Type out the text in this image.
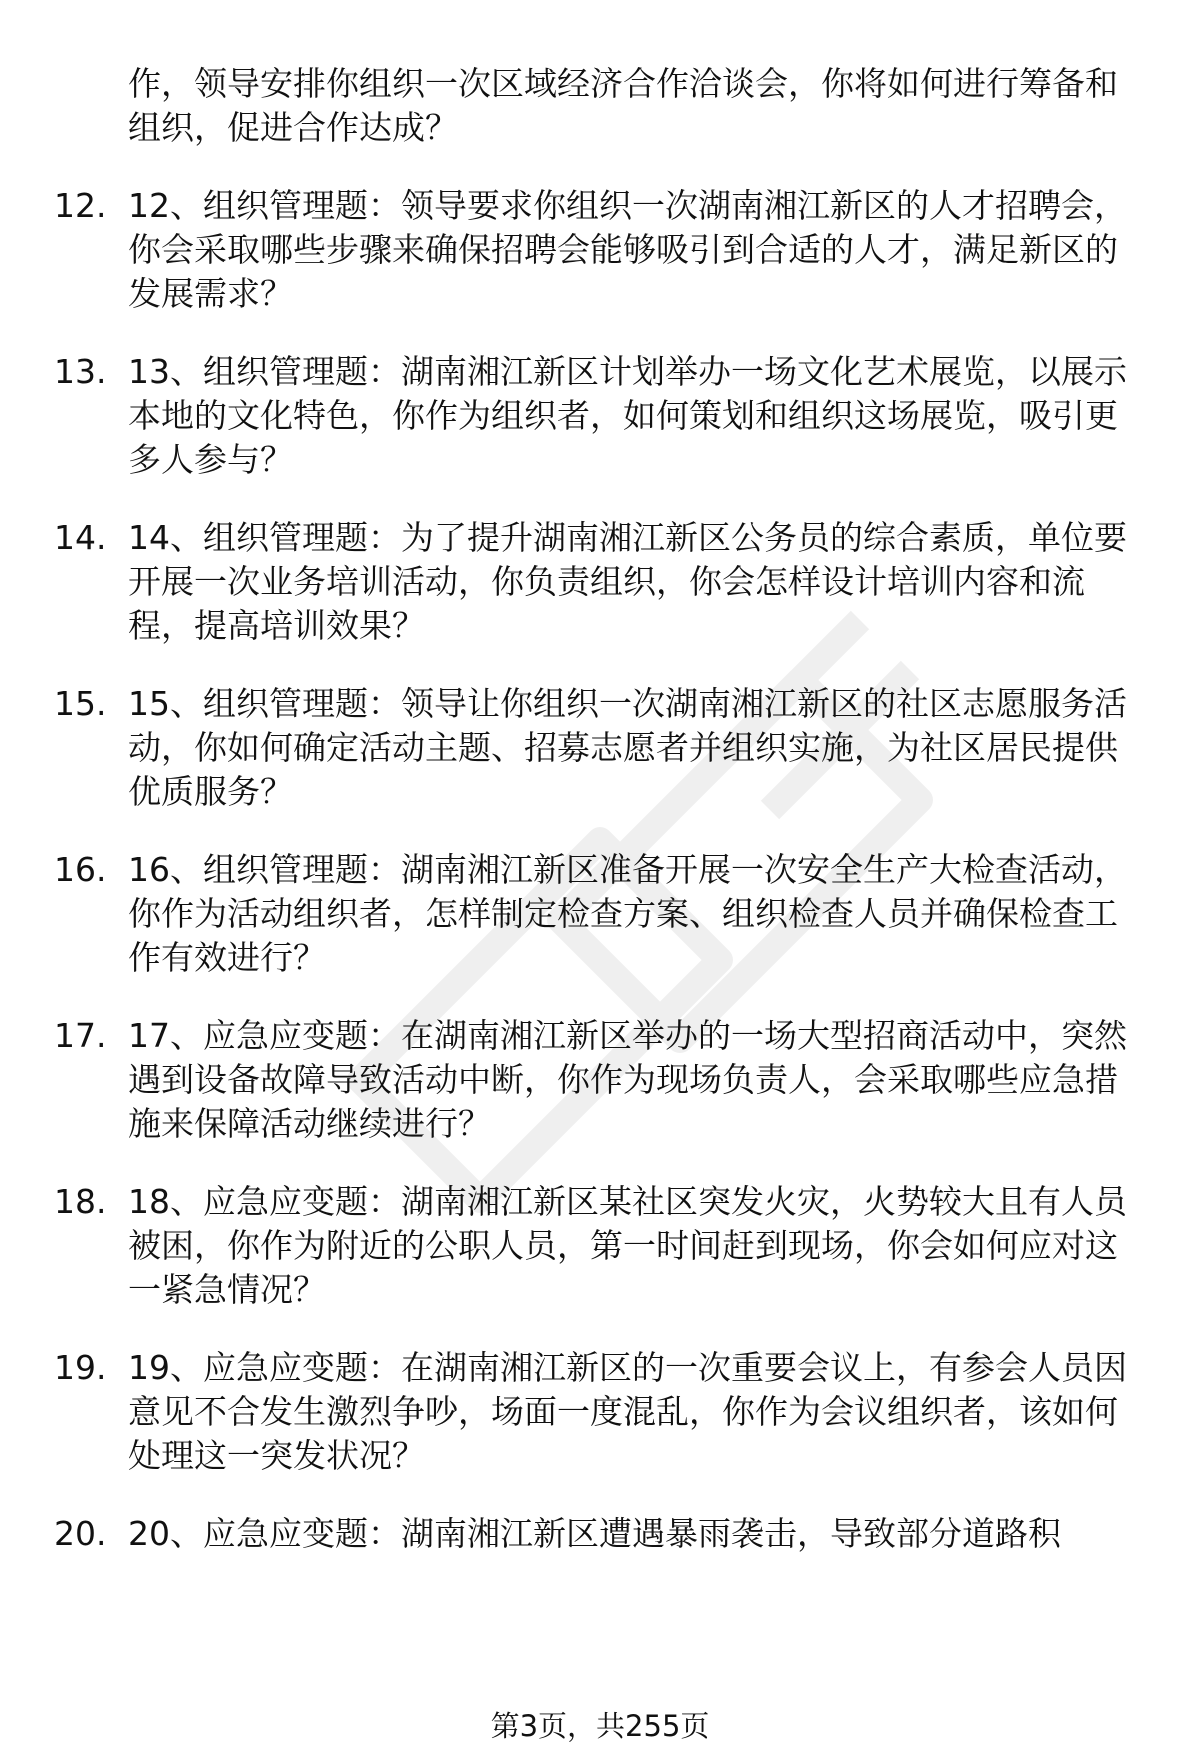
作，领导安排你组织一次区域经济合作洽谈会，你将如何进行筹备和组织，促进合作达成？
12. 12、组织管理题：领导要求你组织一次湖南湘江新区的人才招聘会，你会采取哪些步骤来确保招聘会能够吸引到合适的人才，满足新区的发展需求？
13. 13、组织管理题：湖南湘江新区计划举办一场文化艺术展览，以展示本地的文化特色，你作为组织者，如何策划和组织这场展览，吸引更多人参与？
14. 14、组织管理题：为了提升湖南湘江新区公务员的综合素质，单位要开展一次业务培训活动，你负责组织，你会怎样设计培训内容和流程，提高培训效果？
15. 15、组织管理题：领导让你组织一次湖南湘江新区的社区志愿服务活动，你如何确定活动主题、招募志愿者并组织实施，为社区居民提供优质服务？
16. 16、组织管理题：湖南湘江新区准备开展一次安全生产大检查活动，你作为活动组织者，怎样制定检查方案、组织检查人员并确保检查工作有效进行？
17. 17、应急应变题：在湖南湘江新区举办的一场大型招商活动中，突然遇到设备故障导致活动中断，你作为现场负责人，会采取哪些应急措施来保障活动继续进行？
18. 18、应急应变题：湖南湘江新区某社区突发火灾，火势较大且有人员被困，你作为附近的公职人员，第一时间赶到现场，你会如何应对这一紧急情况？
19. 19、应急应变题：在湖南湘江新区的一次重要会议上，有参会人员因意见不合发生激烈争吵，场面一度混乱，你作为会议组织者，该如何处理这一突发状况？
20. 20、应急应变题：湖南湘江新区遭遇暴雨袭击，导致部分道路积
第3页，共255页
